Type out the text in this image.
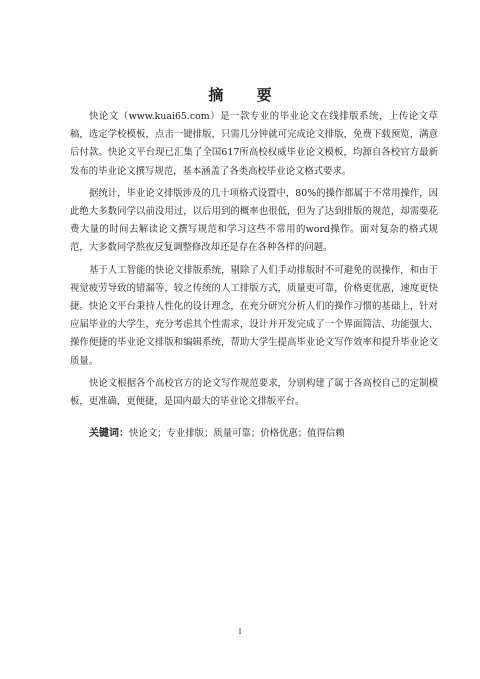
摘 要

快论文（www.kuai65.com）是一款专业的毕业论文在线排版系统，上传论文草稿，选定学校模板，点击一键排版，只需几分钟就可完成论文排版，免费下载预览，满意后付款。快论文平台现已汇集了全国617所高校权威毕业论文模板，均源自各校官方最新发布的毕业论文撰写规范，基本涵盖了各类高校毕业论文格式要求。

据统计，毕业论文排版涉及的几十项格式设置中，80%的操作都属于不常用操作，因此绝大多数同学以前没用过，以后用到的概率也很低，但为了达到排版的规范，却需要花费大量的时间去解读论文撰写规范和学习这些不常用的word操作。面对复杂的格式规范，大多数同学熬夜反复调整修改却还是存在各种各样的问题。

基于人工智能的快论文排版系统，剔除了人们手动排版时不可避免的误操作，和由于视觉疲劳导致的错漏等，较之传统的人工排版方式，质量更可靠，价格更优惠，速度更快捷。快论文平台秉持人性化的设计理念，在充分研究分析人们的操作习惯的基础上，针对应届毕业的大学生，充分考虑其个性需求，设计并开发完成了一个界面简洁、功能强大、操作便捷的毕业论文排版和编辑系统，帮助大学生提高毕业论文写作效率和提升毕业论文质量。

快论文根据各个高校官方的论文写作规范要求，分别构建了属于各高校自己的定制模板，更准确，更便捷，是国内最大的毕业论文排版平台。

关键词：快论文；专业排版；质量可靠；价格优惠；值得信赖
I
